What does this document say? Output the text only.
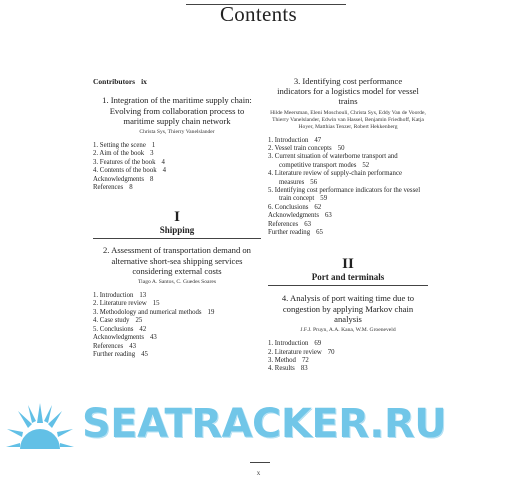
Contents
Contributors ix
1. Integration of the maritime supply chain: Evolving from collaboration process to maritime supply chain network
Christa Sys, Thierry Vanelslander
1. Setting the scene 1
2. Aim of the book 3
3. Features of the book 4
4. Contents of the book 4
Acknowledgments 8
References 8
I
Shipping
2. Assessment of transportation demand on alternative short-sea shipping services considering external costs
Tiago A. Santos, C. Guedes Soares
1. Introduction 13
2. Literature review 15
3. Methodology and numerical methods 19
4. Case study 25
5. Conclusions 42
Acknowledgments 43
References 43
Further reading 45
3. Identifying cost performance indicators for a logistics model for vessel trains
Hilde Meersman, Eleni Moschouli, Christa Sys, Eddy Van de Voorde, Thierry Vanelslander, Edwin van Hassel, Benjamin Friedhoff, Katja Hoyer, Matthias Tenzer, Robert Hekkenberg
1. Introduction 47
2. Vessel train concepts 50
3. Current situation of waterborne transport and competitive transport modes 52
4. Literature review of supply-chain performance measures 56
5. Identifying cost performance indicators for the vessel train concept 59
6. Conclusions 62
Acknowledgments 63
References 63
Further reading 65
II
Port and terminals
4. Analysis of port waiting time due to congestion by applying Markov chain analysis
J.F.J. Pruyn, A.A. Kana, W.M. Groeneveld
1. Introduction 69
2. Literature review 70
3. Method 72
4. Results 83
SEATRACKER.RU
x
